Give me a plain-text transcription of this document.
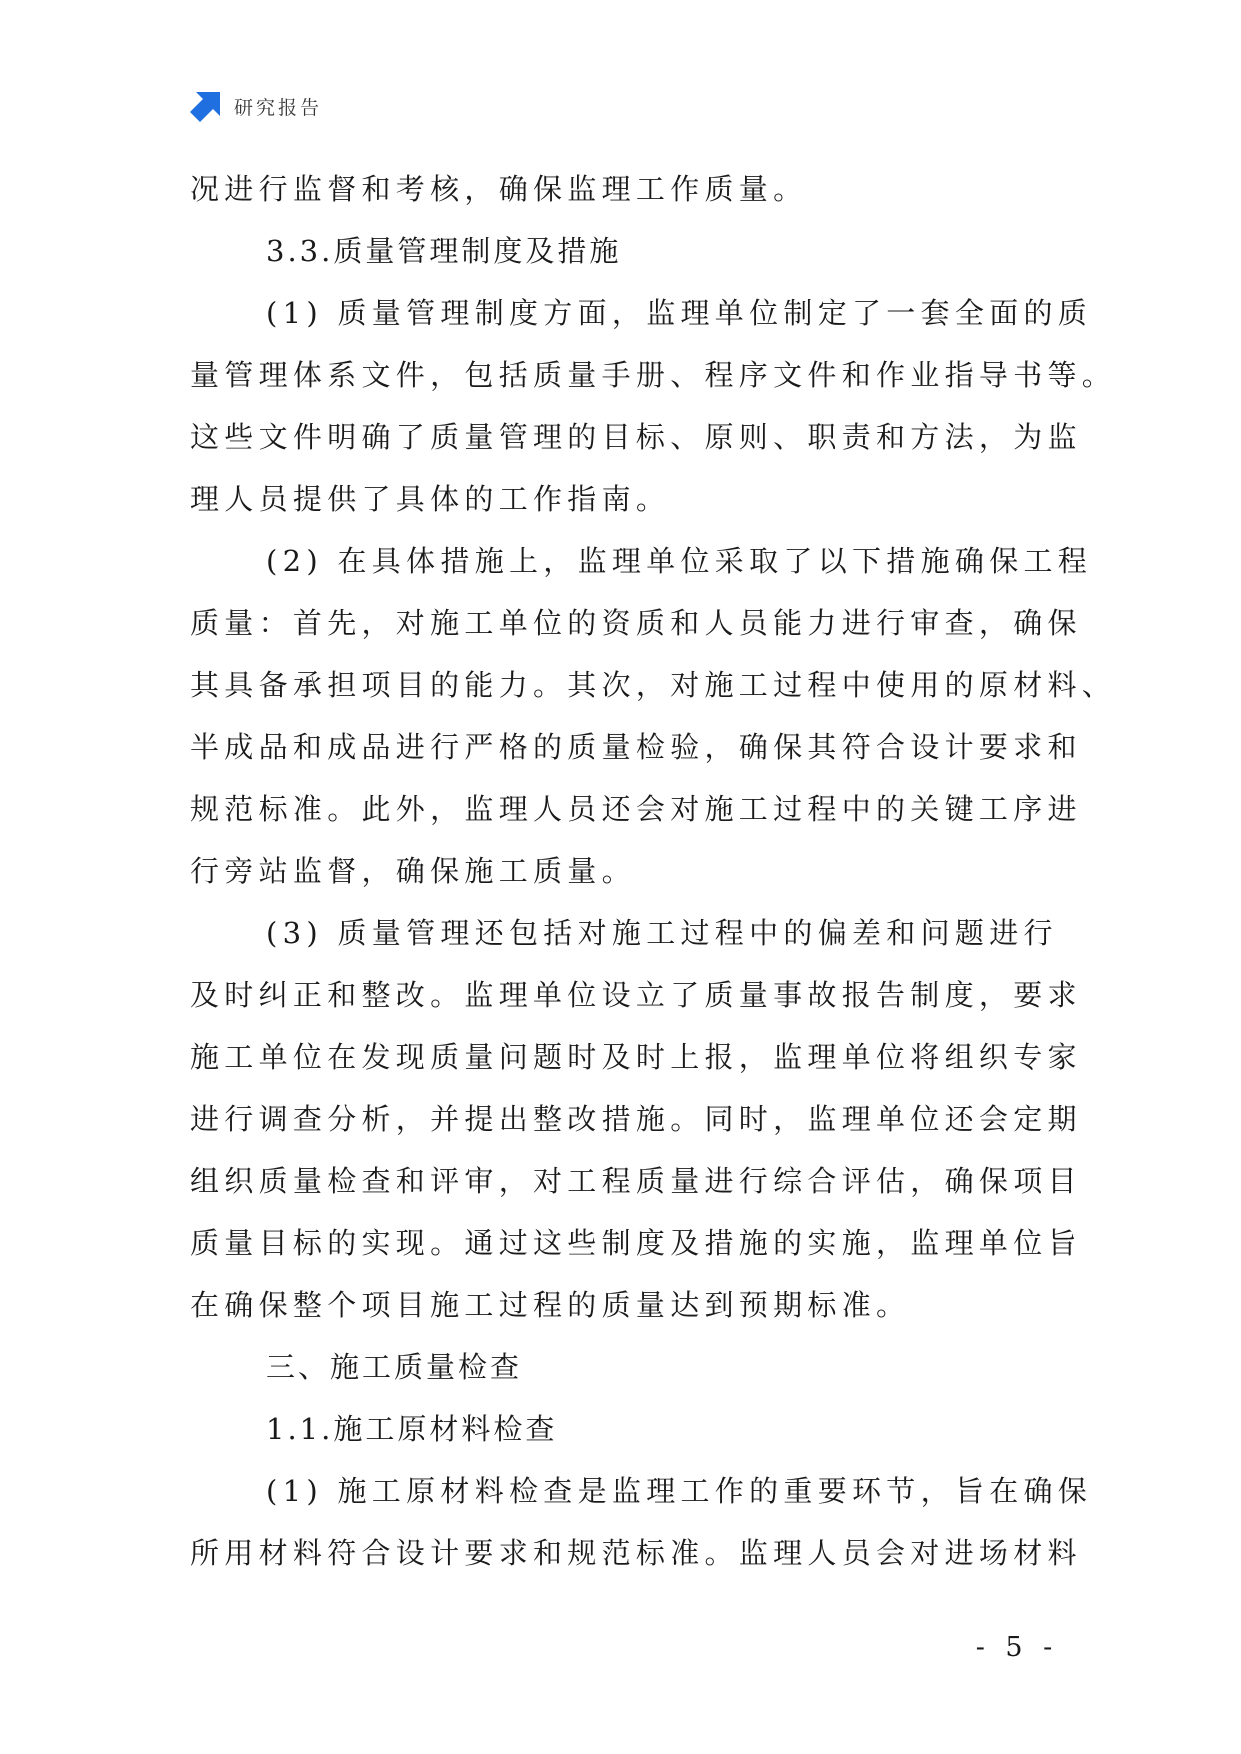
研究报告
况进行监督和考核，确保监理工作质量。
3.3.质量管理制度及措施
(1) 质量管理制度方面，监理单位制定了一套全面的质
量管理体系文件，包括质量手册、程序文件和作业指导书等。
这些文件明确了质量管理的目标、原则、职责和方法，为监
理人员提供了具体的工作指南。
(2) 在具体措施上，监理单位采取了以下措施确保工程
质量：首先，对施工单位的资质和人员能力进行审查，确保
其具备承担项目的能力。其次，对施工过程中使用的原材料、
半成品和成品进行严格的质量检验，确保其符合设计要求和
规范标准。此外，监理人员还会对施工过程中的关键工序进
行旁站监督，确保施工质量。
(3) 质量管理还包括对施工过程中的偏差和问题进行
及时纠正和整改。监理单位设立了质量事故报告制度，要求
施工单位在发现质量问题时及时上报，监理单位将组织专家
进行调查分析，并提出整改措施。同时，监理单位还会定期
组织质量检查和评审，对工程质量进行综合评估，确保项目
质量目标的实现。通过这些制度及措施的实施，监理单位旨
在确保整个项目施工过程的质量达到预期标准。
三、施工质量检查
1.1.施工原材料检查
(1) 施工原材料检查是监理工作的重要环节，旨在确保
所用材料符合设计要求和规范标准。监理人员会对进场材料
- 5 -
